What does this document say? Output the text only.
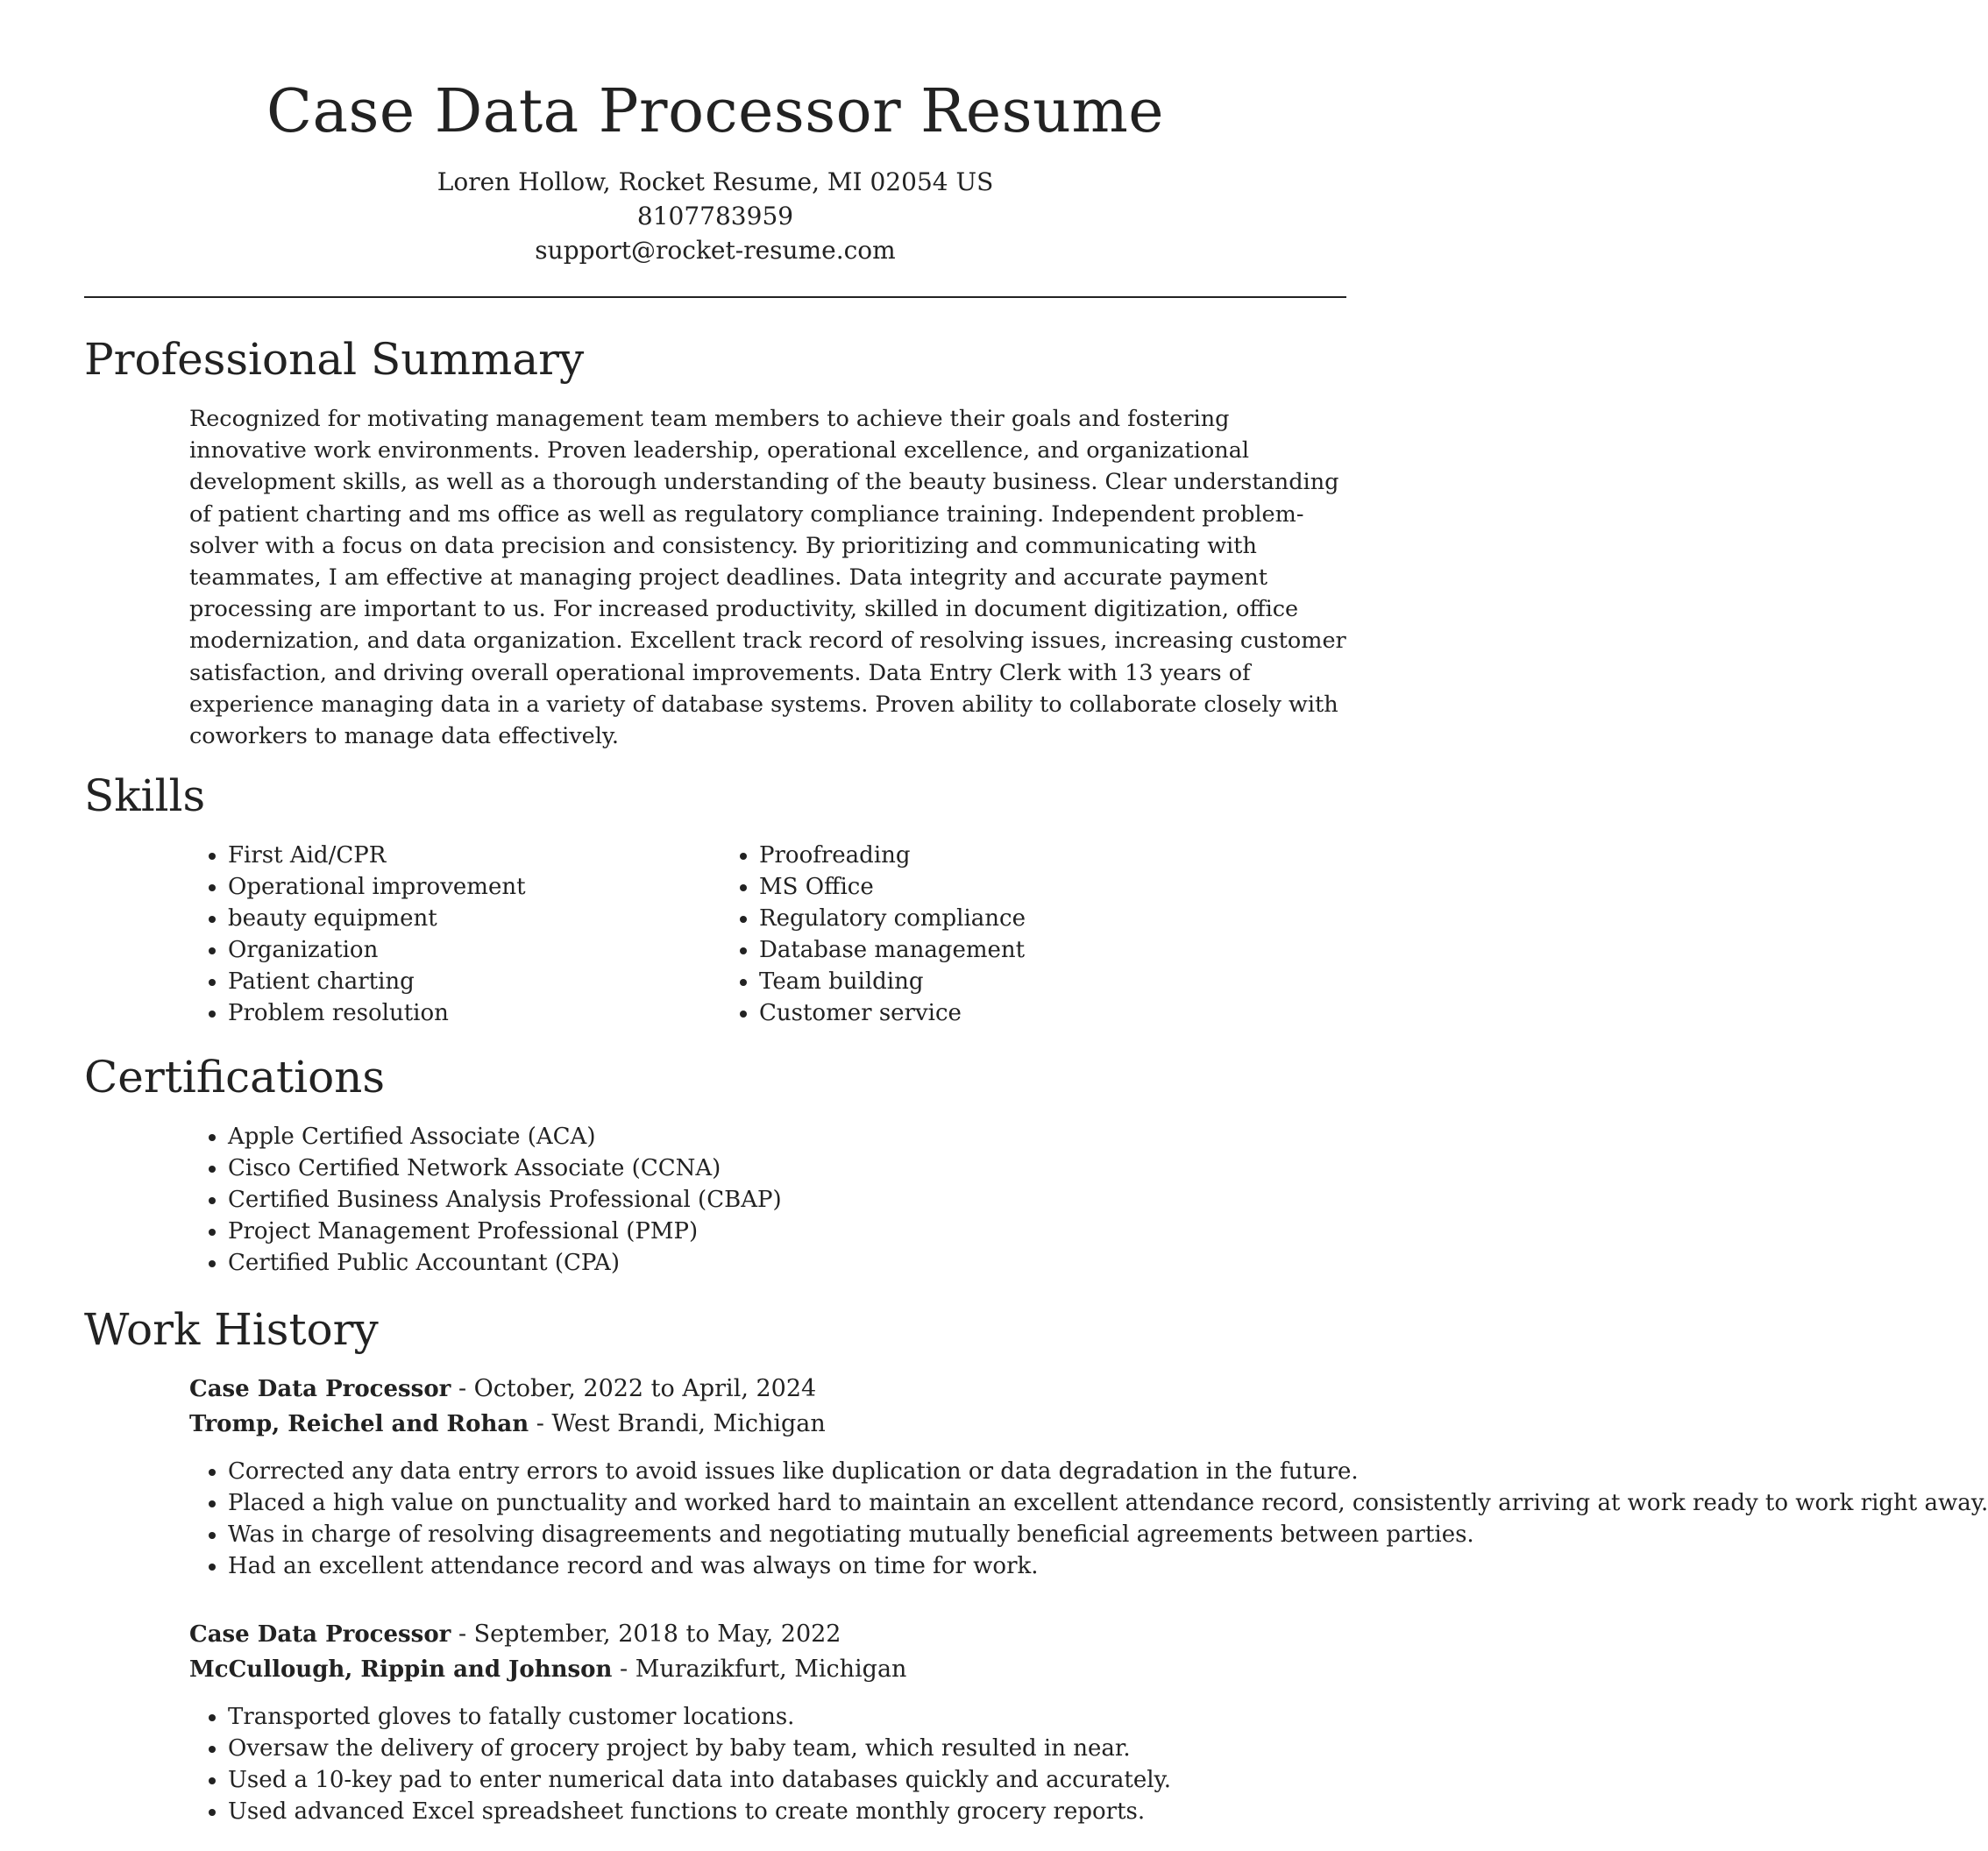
Case Data Processor Resume
Loren Hollow, Rocket Resume, MI 02054 US
8107783959
support@rocket-resume.com
Professional Summary

Recognized for motivating management team members to achieve their goals and fostering innovative work environments. Proven leadership, operational excellence, and organizational development skills, as well as a thorough understanding of the beauty business. Clear understanding of patient charting and ms office as well as regulatory compliance training. Independent problem-solver with a focus on data precision and consistency. By prioritizing and communicating with teammates, I am effective at managing project deadlines. Data integrity and accurate payment processing are important to us. For increased productivity, skilled in document digitization, office modernization, and data organization. Excellent track record of resolving issues, increasing customer satisfaction, and driving overall operational improvements. Data Entry Clerk with 13 years of experience managing data in a variety of database systems. Proven ability to collaborate closely with coworkers to manage data effectively.

Skills
• First Aid/CPR
• Operational improvement
• beauty equipment
• Organization
• Patient charting
• Problem resolution
• Proofreading
• MS Office
• Regulatory compliance
• Database management
• Team building
• Customer service
Certifications
• Apple Certified Associate (ACA)
• Cisco Certified Network Associate (CCNA)
• Certified Business Analysis Professional (CBAP)
• Project Management Professional (PMP)
• Certified Public Accountant (CPA)
Work History
Case Data Processor - October, 2022 to April, 2024
Tromp, Reichel and Rohan - West Brandi, Michigan
• Corrected any data entry errors to avoid issues like duplication or data degradation in the future.
• Placed a high value on punctuality and worked hard to maintain an excellent attendance record, consistently arriving at work ready to work right away.
• Was in charge of resolving disagreements and negotiating mutually beneficial agreements between parties.
• Had an excellent attendance record and was always on time for work.
Case Data Processor - September, 2018 to May, 2022
McCullough, Rippin and Johnson - Murazikfurt, Michigan
• Transported gloves to fatally customer locations.
• Oversaw the delivery of grocery project by baby team, which resulted in near.
• Used a 10-key pad to enter numerical data into databases quickly and accurately.
• Used advanced Excel spreadsheet functions to create monthly grocery reports.
